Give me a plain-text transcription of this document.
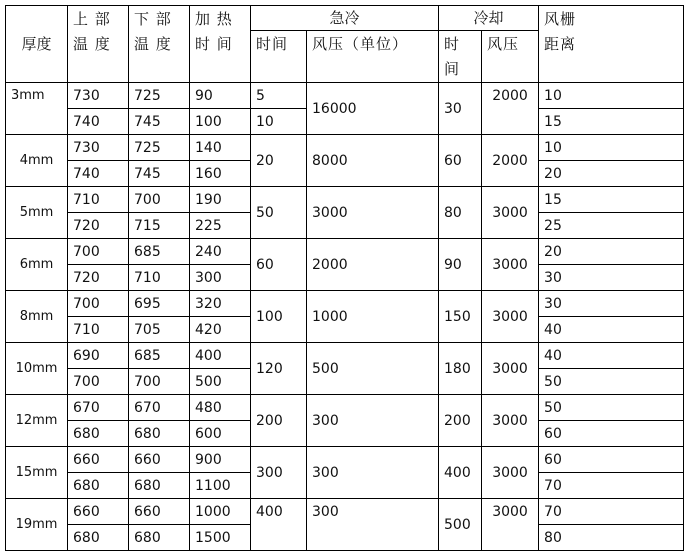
厚度	上 部 温 度	下 部 温 度	加 热 时 间	急冷		冷却		风栅 距离

				时间	风压（单位）	时 间	风压	
3mm	730	725	90	5	16000	30	2000	10
	740	745	100	10				15
4mm	730	725	140	20	8000	60	2000	10
	740	745	160					20
5mm	710	700	190	50	3000	80	3000	15
	720	715	225					25
6mm	700	685	240	60	2000	90	3000	20
	720	710	300					30
8mm	700	695	320	100	1000	150	3000	30
	710	705	420					40
10mm	690	685	400	120	500	180	3000	40
	700	700	500					50
12mm	670	670	480	200	300	200	3000	50
	680	680	600					60
15mm	660	660	900	300	300	400	3000	60
	680	680	1100					70
19mm	660	660	1000	400	300	500	3000	70
	680	680	1500					80
